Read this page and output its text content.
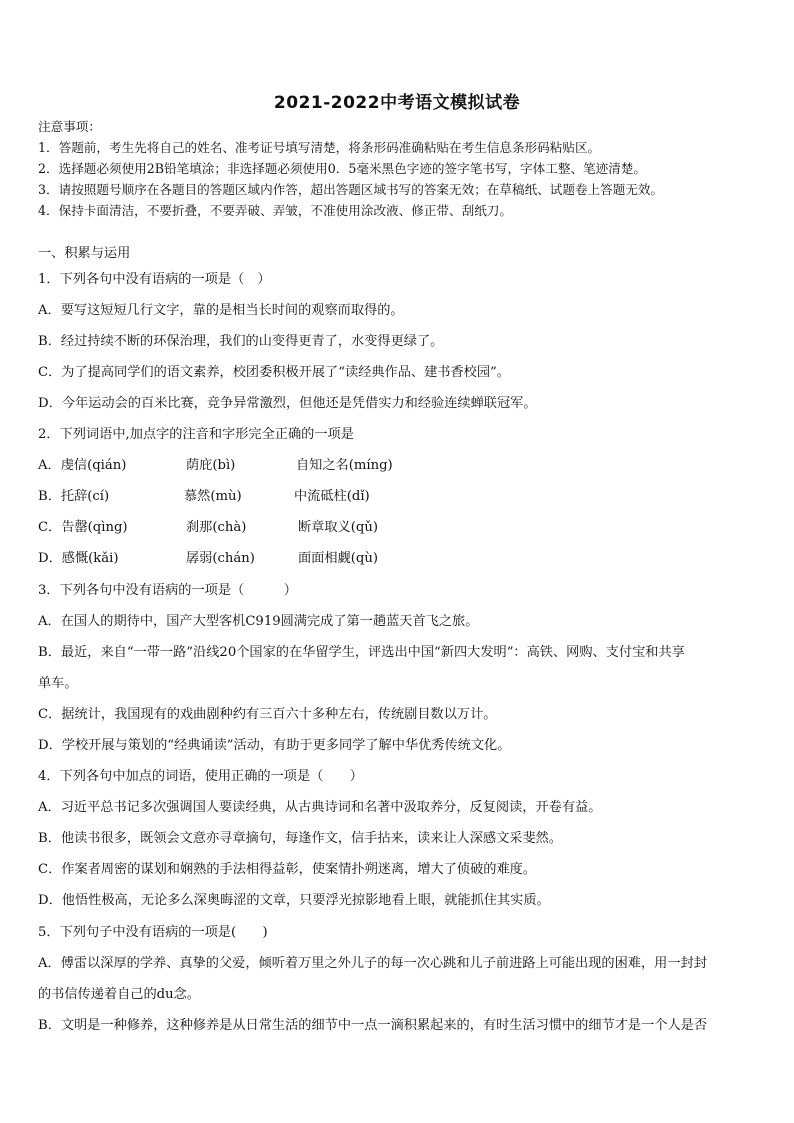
2021-2022中考语文模拟试卷
注意事项：
1．答题前，考生先将自己的姓名、准考证号填写清楚，将条形码准确粘贴在考生信息条形码粘贴区。
2．选择题必须使用2B铅笔填涂；非选择题必须使用0．5毫米黑色字迹的签字笔书写，字体工整、笔迹清楚。
3．请按照题号顺序在各题目的答题区域内作答，超出答题区域书写的答案无效；在草稿纸、试题卷上答题无效。
4．保持卡面清洁，不要折叠，不要弄破、弄皱，不准使用涂改液、修正带、刮纸刀。
一、积累与运用
1．下列各句中没有语病的一项是（　）
A．要写这短短几行文字，靠的是相当长时间的观察而取得的。
B．经过持续不断的环保治理，我们的山变得更青了，水变得更绿了。
C．为了提高同学们的语文素养，校团委积极开展了“读经典作品、建书香校园”。
D．今年运动会的百米比赛，竞争异常激烈，但他还是凭借实力和经验连续蝉联冠军。
2．下列词语中,加点字的注音和字形完全正确的一项是
A．虔信(qián)	荫庇(bì)	自知之名(míng)
B．托辞(cí)	慕然(mù)	中流砥柱(dǐ)
C．告罄(qìng)	刹那(chà)	断章取义(qǔ)
D．感慨(kǎi)	孱弱(chán)	面面相觑(qù)
3．下列各句中没有语病的一项是（　　　）
A．在国人的期待中，国产大型客机C919圆满完成了第一趟蓝天首飞之旅。
B．最近，来自“一带一路”沿线20个国家的在华留学生，评选出中国“新四大发明”：高铁、网购、支付宝和共享
单车。
C．据统计，我国现有的戏曲剧种约有三百六十多种左右，传统剧目数以万计。
D．学校开展与策划的“经典诵读”活动，有助于更多同学了解中华优秀传统文化。
4．下列各句中加点的词语，使用正确的一项是（　　）
A．习近平总书记多次强调国人要读经典，从古典诗词和名著中汲取养分，反复阅读，开卷有益。
B．他读书很多，既领会文意亦寻章摘句，每逢作文，信手拈来，读来让人深感文采斐然。
C．作案者周密的谋划和娴熟的手法相得益彰，使案情扑朔迷离，增大了侦破的难度。
D．他悟性极高，无论多么深奥晦涩的文章，只要浮光掠影地看上眼，就能抓住其实质。
5．下列句子中没有语病的一项是(　　)
A．傅雷以深厚的学养、真挚的父爱，倾听着万里之外儿子的每一次心跳和儿子前进路上可能出现的困难，用一封封
的书信传递着自己的du念。
B．文明是一种修养，这种修养是从日常生活的细节中一点一滴积累起来的，有时生活习惯中的细节才是一个人是否
